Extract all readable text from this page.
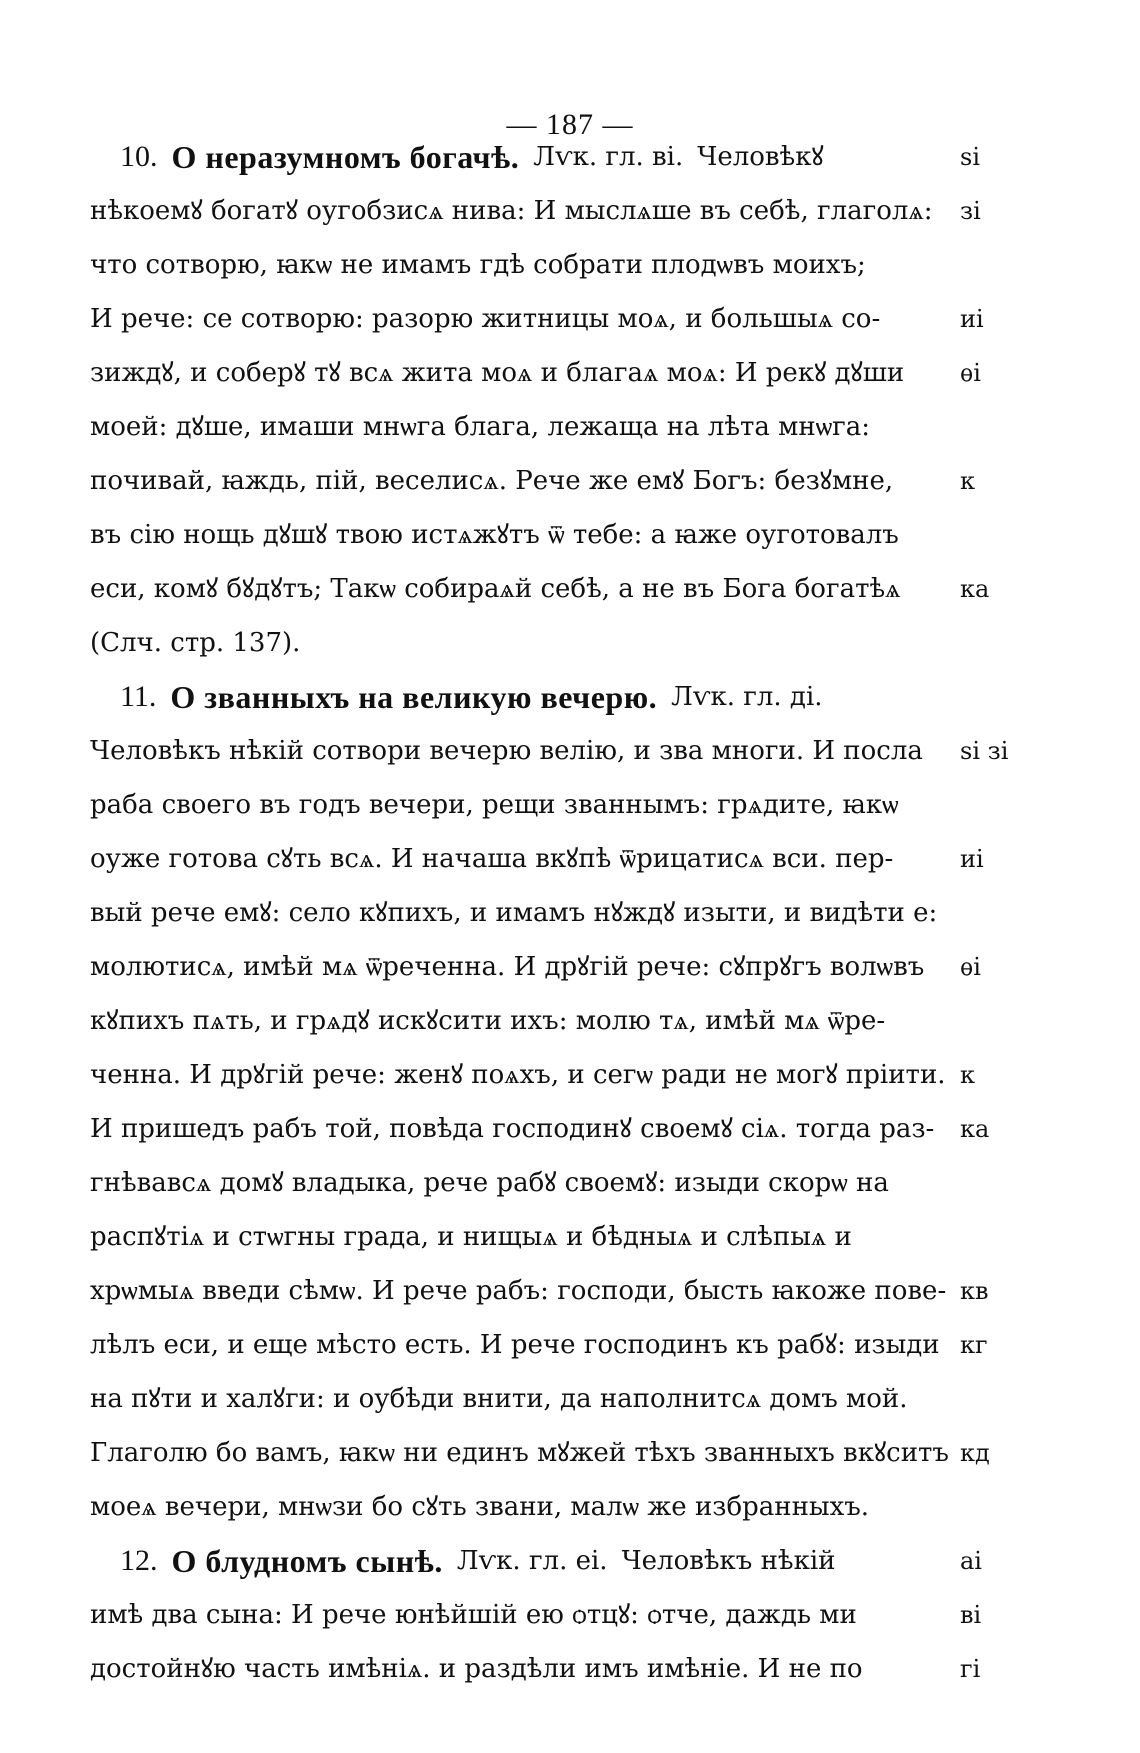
— 187 —
10. О неразумномъ богачѣ. Лѵк. гл. ві. Человѣкꙋ
нѣкоемꙋ богатꙋ оугобзисѧ нива: И мыслѧше въ себѣ, глаголѧ:
что сотворю, ꙗкѡ не имамъ гдѣ собрати плодѡвъ моихъ;
И рече: се сотворю: разорю житницы моѧ, и большыѧ со-
зиждꙋ, и соберꙋ тꙋ всѧ жита моѧ и благаѧ моѧ: И рекꙋ дꙋши
моей: дꙋше, имаши мнѡга блага, лежаща на лѣта мнѡга:
почивай, ꙗждь, пій, веселисѧ. Рече же емꙋ Богъ: безꙋмне,
въ сію нощь дꙋшꙋ твою истѧжꙋтъ ѿ тебе: а ꙗже оуготовалъ
еси, комꙋ бꙋдꙋтъ; Такѡ собираѧй себѣ, а не въ Бога богатѣѧ
(Слч. стр. 137).
11. О званныхъ на великую вечерю. Лѵк. гл. ді.
Человѣкъ нѣкій сотвори вечерю велію, и зва многи. И посла
раба своего въ годъ вечери, рещи званнымъ: грѧдите, ꙗкѡ
оуже готова сꙋть всѧ. И начаша вкꙋпѣ ѿрицатисѧ вси. пер-
вый рече емꙋ: село кꙋпихъ, и имамъ нꙋждꙋ изыти, и видѣти е:
молютисѧ, имѣй мѧ ѿреченна. И дрꙋгій рече: сꙋпрꙋгъ волѡвъ
кꙋпихъ пѧть, и грѧдꙋ искꙋсити ихъ: молю тѧ, имѣй мѧ ѿре-
ченна. И дрꙋгій рече: женꙋ поѧхъ, и сегѡ ради не могꙋ пріити.
И пришедъ рабъ той, повѣда господинꙋ своемꙋ сіѧ. тогда раз-
гнѣвавсѧ домꙋ владыка, рече рабꙋ своемꙋ: изыди скорѡ на
распꙋтіѧ и стѡгны града, и нищыѧ и бѣдныѧ и слѣпыѧ и
хрѡмыѧ введи сѣмѡ. И рече рабъ: господи, бысть ꙗкоже пове-
лѣлъ еси, и еще мѣсто есть. И рече господинъ къ рабꙋ: изыди
на пꙋти и халꙋги: и оубѣди внити, да наполнитсѧ домъ мой.
Глаголю бо вамъ, ꙗкѡ ни единъ мꙋжей тѣхъ званныхъ вкꙋситъ
моеѧ вечери, мнѡзи бо сꙋть звани, малѡ же избранныхъ.
12. О блудномъ сынѣ. Лѵк. гл. еі. Человѣкъ нѣкій
имѣ два сына: И рече юнѣйшій ею ѻтцꙋ: ѻтче, даждь ми
достойнꙋю часть имѣніѧ. и раздѣли имъ имѣніе. И не по
ѕі
зі
иі
ѳі
к
ка
ѕі зі
иі
ѳі
к
ка
кв
кг
кд
аі
ві
гі
